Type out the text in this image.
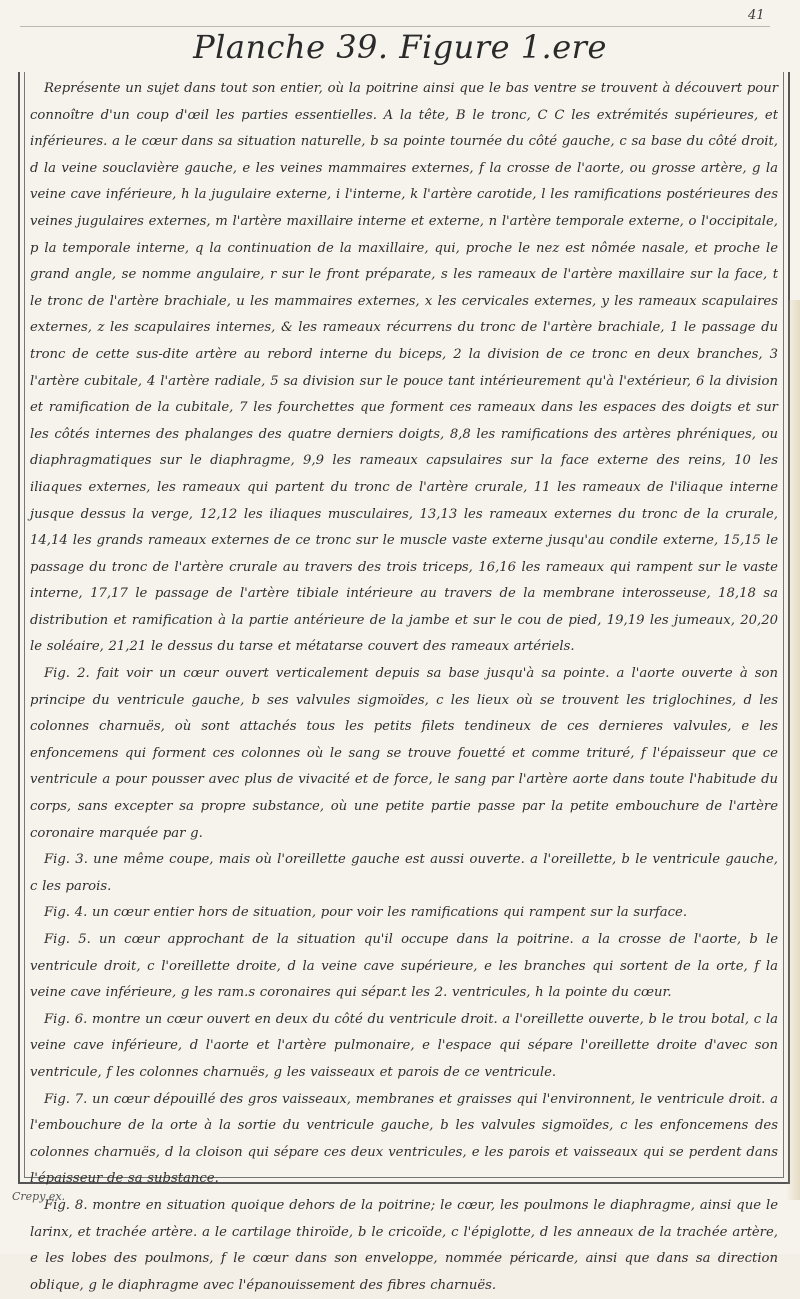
41
Planche 39. Figure 1.ere

Représente un sujet dans tout son entier, où la poitrine ainsi que le bas ventre se trouvent à découvert pour connoître d'un coup d'œil les parties essentielles. A la tête, B le tronc, C C les extrémités supérieures, et inférieures. a le cœur dans sa situation naturelle, b sa pointe tournée du côté gauche, c sa base du côté droit, d la veine souclavière gauche, e les veines mammaires externes, f la crosse de l'aorte, ou grosse artère, g la veine cave inférieure, h la jugulaire externe, i l'interne, k l'artère carotide, l les ramifications postérieures des veines jugulaires externes, m l'artère maxillaire interne et externe, n l'artère temporale externe, o l'occipitale, p la temporale interne, q la continuation de la maxillaire, qui, proche le nez est nômée nasale, et proche le grand angle, se nomme angulaire, r sur le front préparate, s les rameaux de l'artère maxillaire sur la face, t le tronc de l'artère brachiale, u les mammaires externes, x les cervicales externes, y les rameaux scapulaires externes, z les scapulaires internes, & les rameaux récurrens du tronc de l'artère brachiale, 1 le passage du tronc de cette sus-dite artère au rebord interne du biceps, 2 la division de ce tronc en deux branches, 3 l'artère cubitale, 4 l'artère radiale, 5 sa division sur le pouce tant intérieurement qu'à l'extérieur, 6 la division et ramification de la cubitale, 7 les fourchettes que forment ces rameaux dans les espaces des doigts et sur les côtés internes des phalanges des quatre derniers doigts, 8,8 les ramifications des artères phréniques, ou diaphragmatiques sur le diaphragme, 9,9 les rameaux capsulaires sur la face externe des reins, 10 les iliaques externes, les rameaux qui partent du tronc de l'artère crurale, 11 les rameaux de l'iliaque interne jusque dessus la verge, 12,12 les iliaques musculaires, 13,13 les rameaux externes du tronc de la crurale, 14,14 les grands rameaux externes de ce tronc sur le muscle vaste externe jusqu'au condile externe, 15,15 le passage du tronc de l'artère crurale au travers des trois triceps, 16,16 les rameaux qui rampent sur le vaste interne, 17,17 le passage de l'artère tibiale intérieure au travers de la membrane interosseuse, 18,18 sa distribution et ramification à la partie antérieure de la jambe et sur le cou de pied, 19,19 les jumeaux, 20,20 le soléaire, 21,21 le dessus du tarse et métatarse couvert des rameaux artériels.

Fig. 2. fait voir un cœur ouvert verticalement depuis sa base jusqu'à sa pointe. a l'aorte ouverte à son principe du ventricule gauche, b ses valvules sigmoïdes, c les lieux où se trouvent les triglochines, d les colonnes charnuës, où sont attachés tous les petits filets tendineux de ces dernieres valvules, e les enfoncemens qui forment ces colonnes où le sang se trouve fouetté et comme trituré, f l'épaisseur que ce ventricule a pour pousser avec plus de vivacité et de force, le sang par l'artère aorte dans toute l'habitude du corps, sans excepter sa propre substance, où une petite partie passe par la petite embouchure de l'artère coronaire marquée par g.

Fig. 3. une même coupe, mais où l'oreillette gauche est aussi ouverte. a l'oreillette, b le ventricule gauche, c les parois.

Fig. 4. un cœur entier hors de situation, pour voir les ramifications qui rampent sur la surface.

Fig. 5. un cœur approchant de la situation qu'il occupe dans la poitrine. a la crosse de l'aorte, b le ventricule droit, c l'oreillette droite, d la veine cave supérieure, e les branches qui sortent de la orte, f la veine cave inférieure, g les ram.s coronaires qui sépar.t les 2. ventricules, h la pointe du cœur.

Fig. 6. montre un cœur ouvert en deux du côté du ventricule droit. a l'oreillette ouverte, b le trou botal, c la veine cave inférieure, d l'aorte et l'artère pulmonaire, e l'espace qui sépare l'oreillette droite d'avec son ventricule, f les colonnes charnuës, g les vaisseaux et parois de ce ventricule.

Fig. 7. un cœur dépouillé des gros vaisseaux, membranes et graisses qui l'environnent, le ventricule droit. a l'embouchure de la orte à la sortie du ventricule gauche, b les valvules sigmoïdes, c les enfoncemens des colonnes charnuës, d la cloison qui sépare ces deux ventricules, e les parois et vaisseaux qui se perdent dans l'épaisseur de sa substance.

Fig. 8. montre en situation quoique dehors de la poitrine; le cœur, les poulmons le diaphragme, ainsi que le larinx, et trachée artère. a le cartilage thiroïde, b le cricoïde, c l'épiglotte, d les anneaux de la trachée artère, e les lobes des poulmons, f le cœur dans son enveloppe, nommée péricarde, ainsi que dans sa direction oblique, g le diaphragme avec l'épanouissement des fibres charnuës.

Crepy ex.
